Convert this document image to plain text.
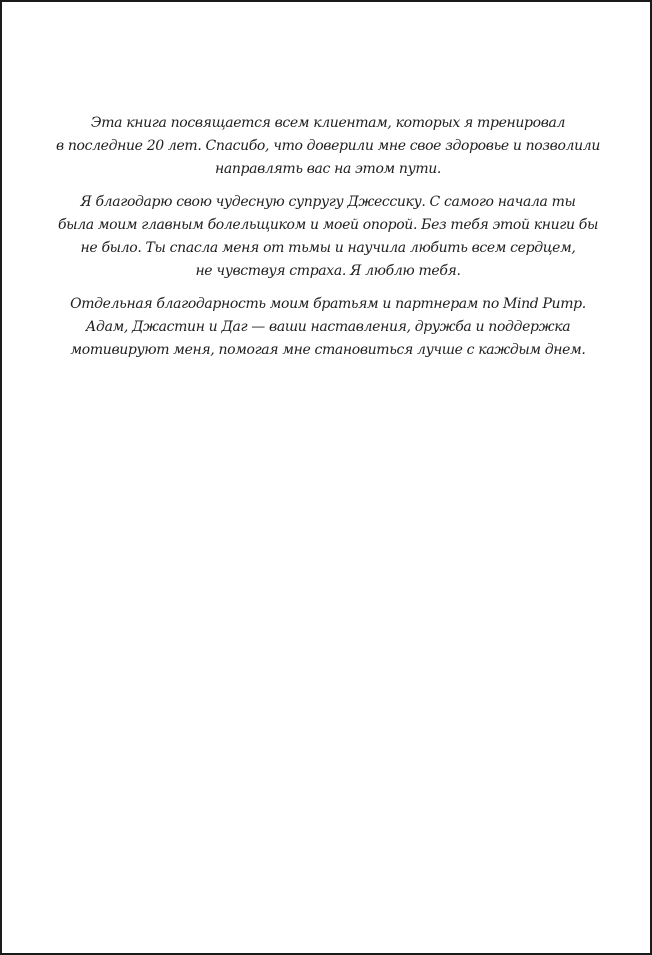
Эта книга посвящается всем клиентам, которых я тренировал
в последние 20 лет. Спасибо, что доверили мне свое здоровье и позволили
направлять вас на этом пути.

Я благодарю свою чудесную супругу Джессику. С самого начала ты
была моим главным болельщиком и моей опорой. Без тебя этой книги бы
не было. Ты спасла меня от тьмы и научила любить всем сердцем,
не чувствуя страха. Я люблю тебя.

Отдельная благодарность моим братьям и партнерам по Mind Pump.
Адам, Джастин и Даг — ваши наставления, дружба и поддержка
мотивируют меня, помогая мне становиться лучше с каждым днем.
